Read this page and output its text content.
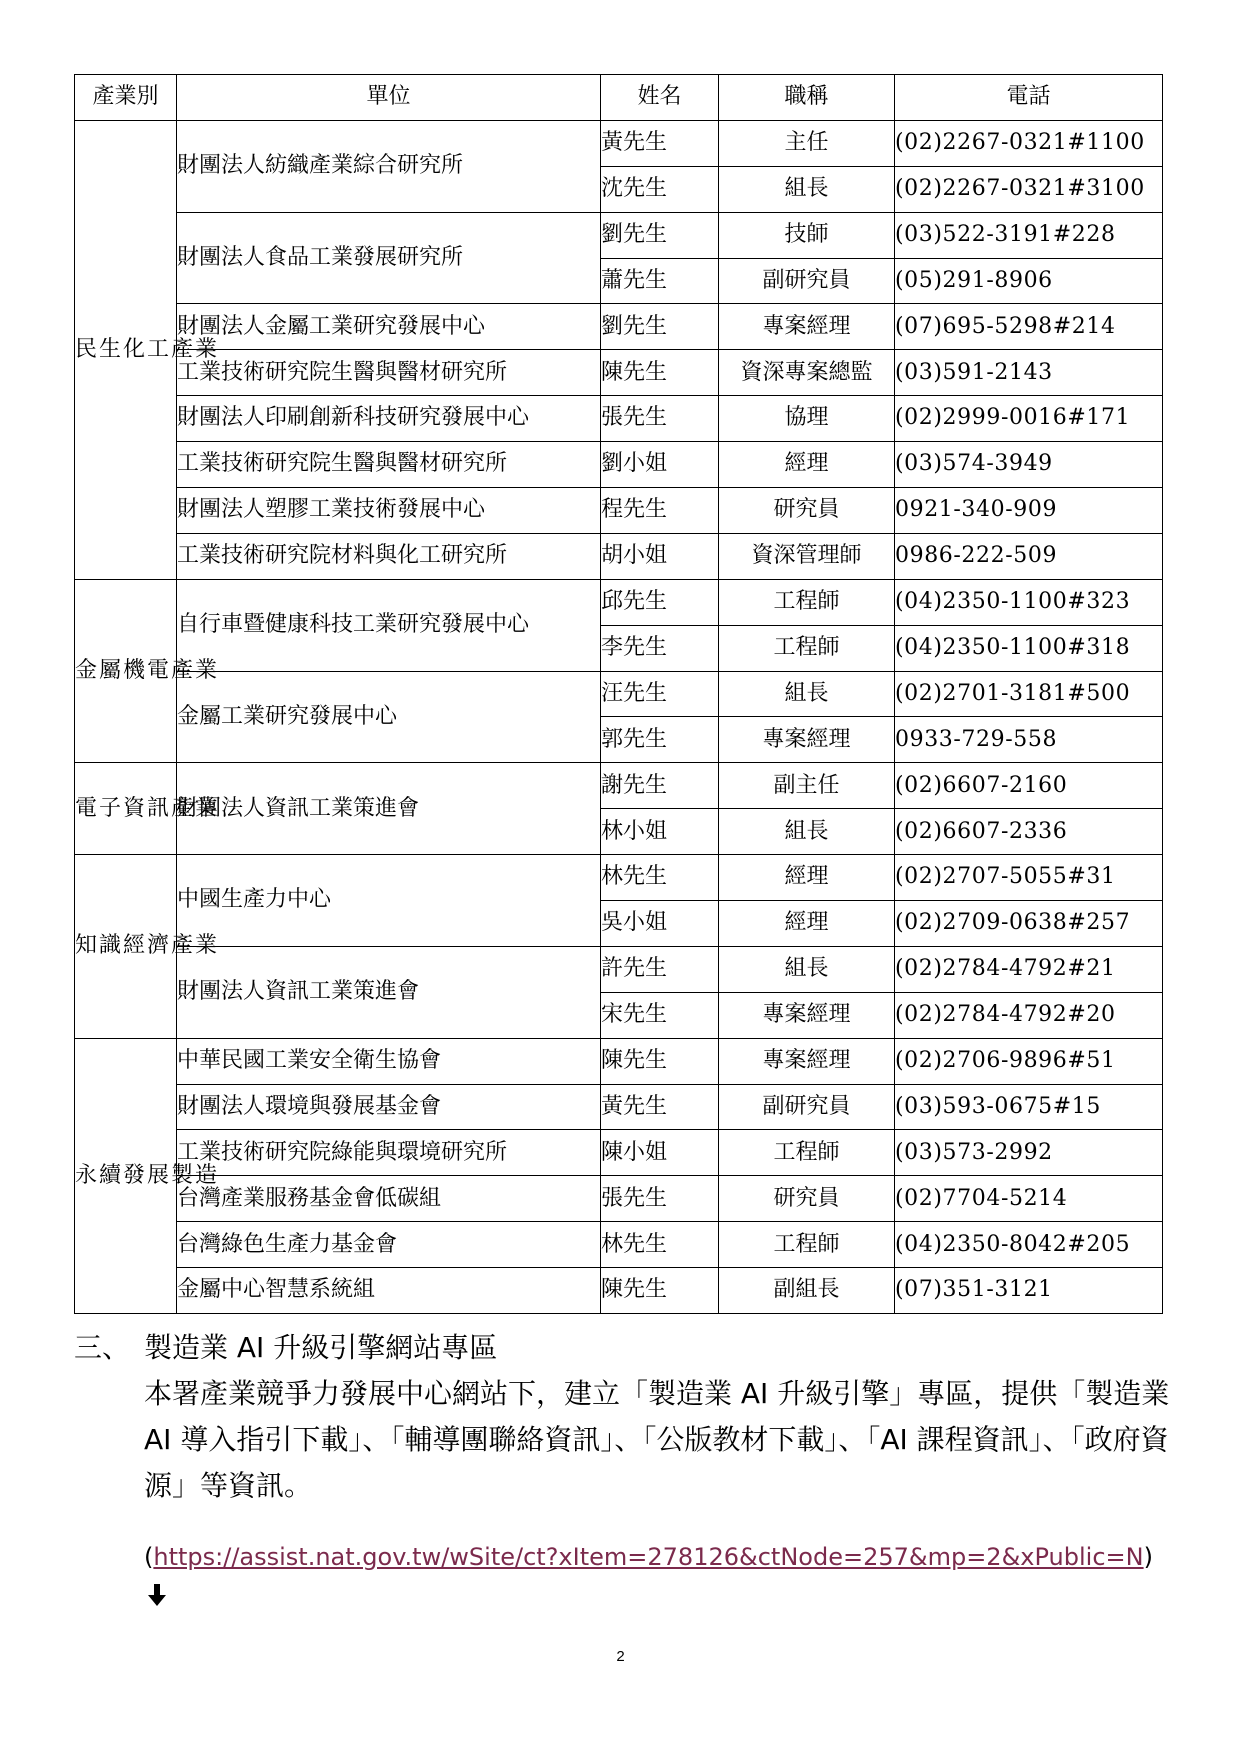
產業別	單位	姓名	職稱	電話
民生化工產業	財團法人紡織產業綜合研究所	黃先生	主任	(02)2267-0321#1100
		沈先生	組長	(02)2267-0321#3100
	財團法人食品工業發展研究所	劉先生	技師	(03)522-3191#228
		蕭先生	副研究員	(05)291-8906
	財團法人金屬工業研究發展中心	劉先生	專案經理	(07)695-5298#214
	工業技術研究院生醫與醫材研究所	陳先生	資深專案總監	(03)591-2143
	財團法人印刷創新科技研究發展中心	張先生	協理	(02)2999-0016#171
	工業技術研究院生醫與醫材研究所	劉小姐	經理	(03)574-3949
	財團法人塑膠工業技術發展中心	程先生	研究員	0921-340-909
	工業技術研究院材料與化工研究所	胡小姐	資深管理師	0986-222-509
金屬機電產業	自行車暨健康科技工業研究發展中心	邱先生	工程師	(04)2350-1100#323
		李先生	工程師	(04)2350-1100#318
	金屬工業研究發展中心	汪先生	組長	(02)2701-3181#500
		郭先生	專案經理	0933-729-558
電子資訊產業	財團法人資訊工業策進會	謝先生	副主任	(02)6607-2160
		林小姐	組長	(02)6607-2336
知識經濟產業	中國生產力中心	林先生	經理	(02)2707-5055#31
		吳小姐	經理	(02)2709-0638#257
	財團法人資訊工業策進會	許先生	組長	(02)2784-4792#21
		宋先生	專案經理	(02)2784-4792#20
永續發展製造	中華民國工業安全衛生協會	陳先生	專案經理	(02)2706-9896#51
	財團法人環境與發展基金會	黃先生	副研究員	(03)593-0675#15
	工業技術研究院綠能與環境研究所	陳小姐	工程師	(03)573-2992
	台灣產業服務基金會低碳組	張先生	研究員	(02)7704-5214
	台灣綠色生產力基金會	林先生	工程師	(04)2350-8042#205
	金屬中心智慧系統組	陳先生	副組長	(07)351-3121
三、 製造業 AI 升級引擎網站專區

本署產業競爭力發展中心網站下，建立「製造業 AI 升級引擎」專區，提供「製造業 AI 導入指引下載」、「輔導團聯絡資訊」、「公版教材下載」、「AI 課程資訊」、「政府資源」等資訊。

(https://assist.nat.gov.tw/wSite/ct?xItem=278126&ctNode=257&mp=2&xPublic=N)
2
